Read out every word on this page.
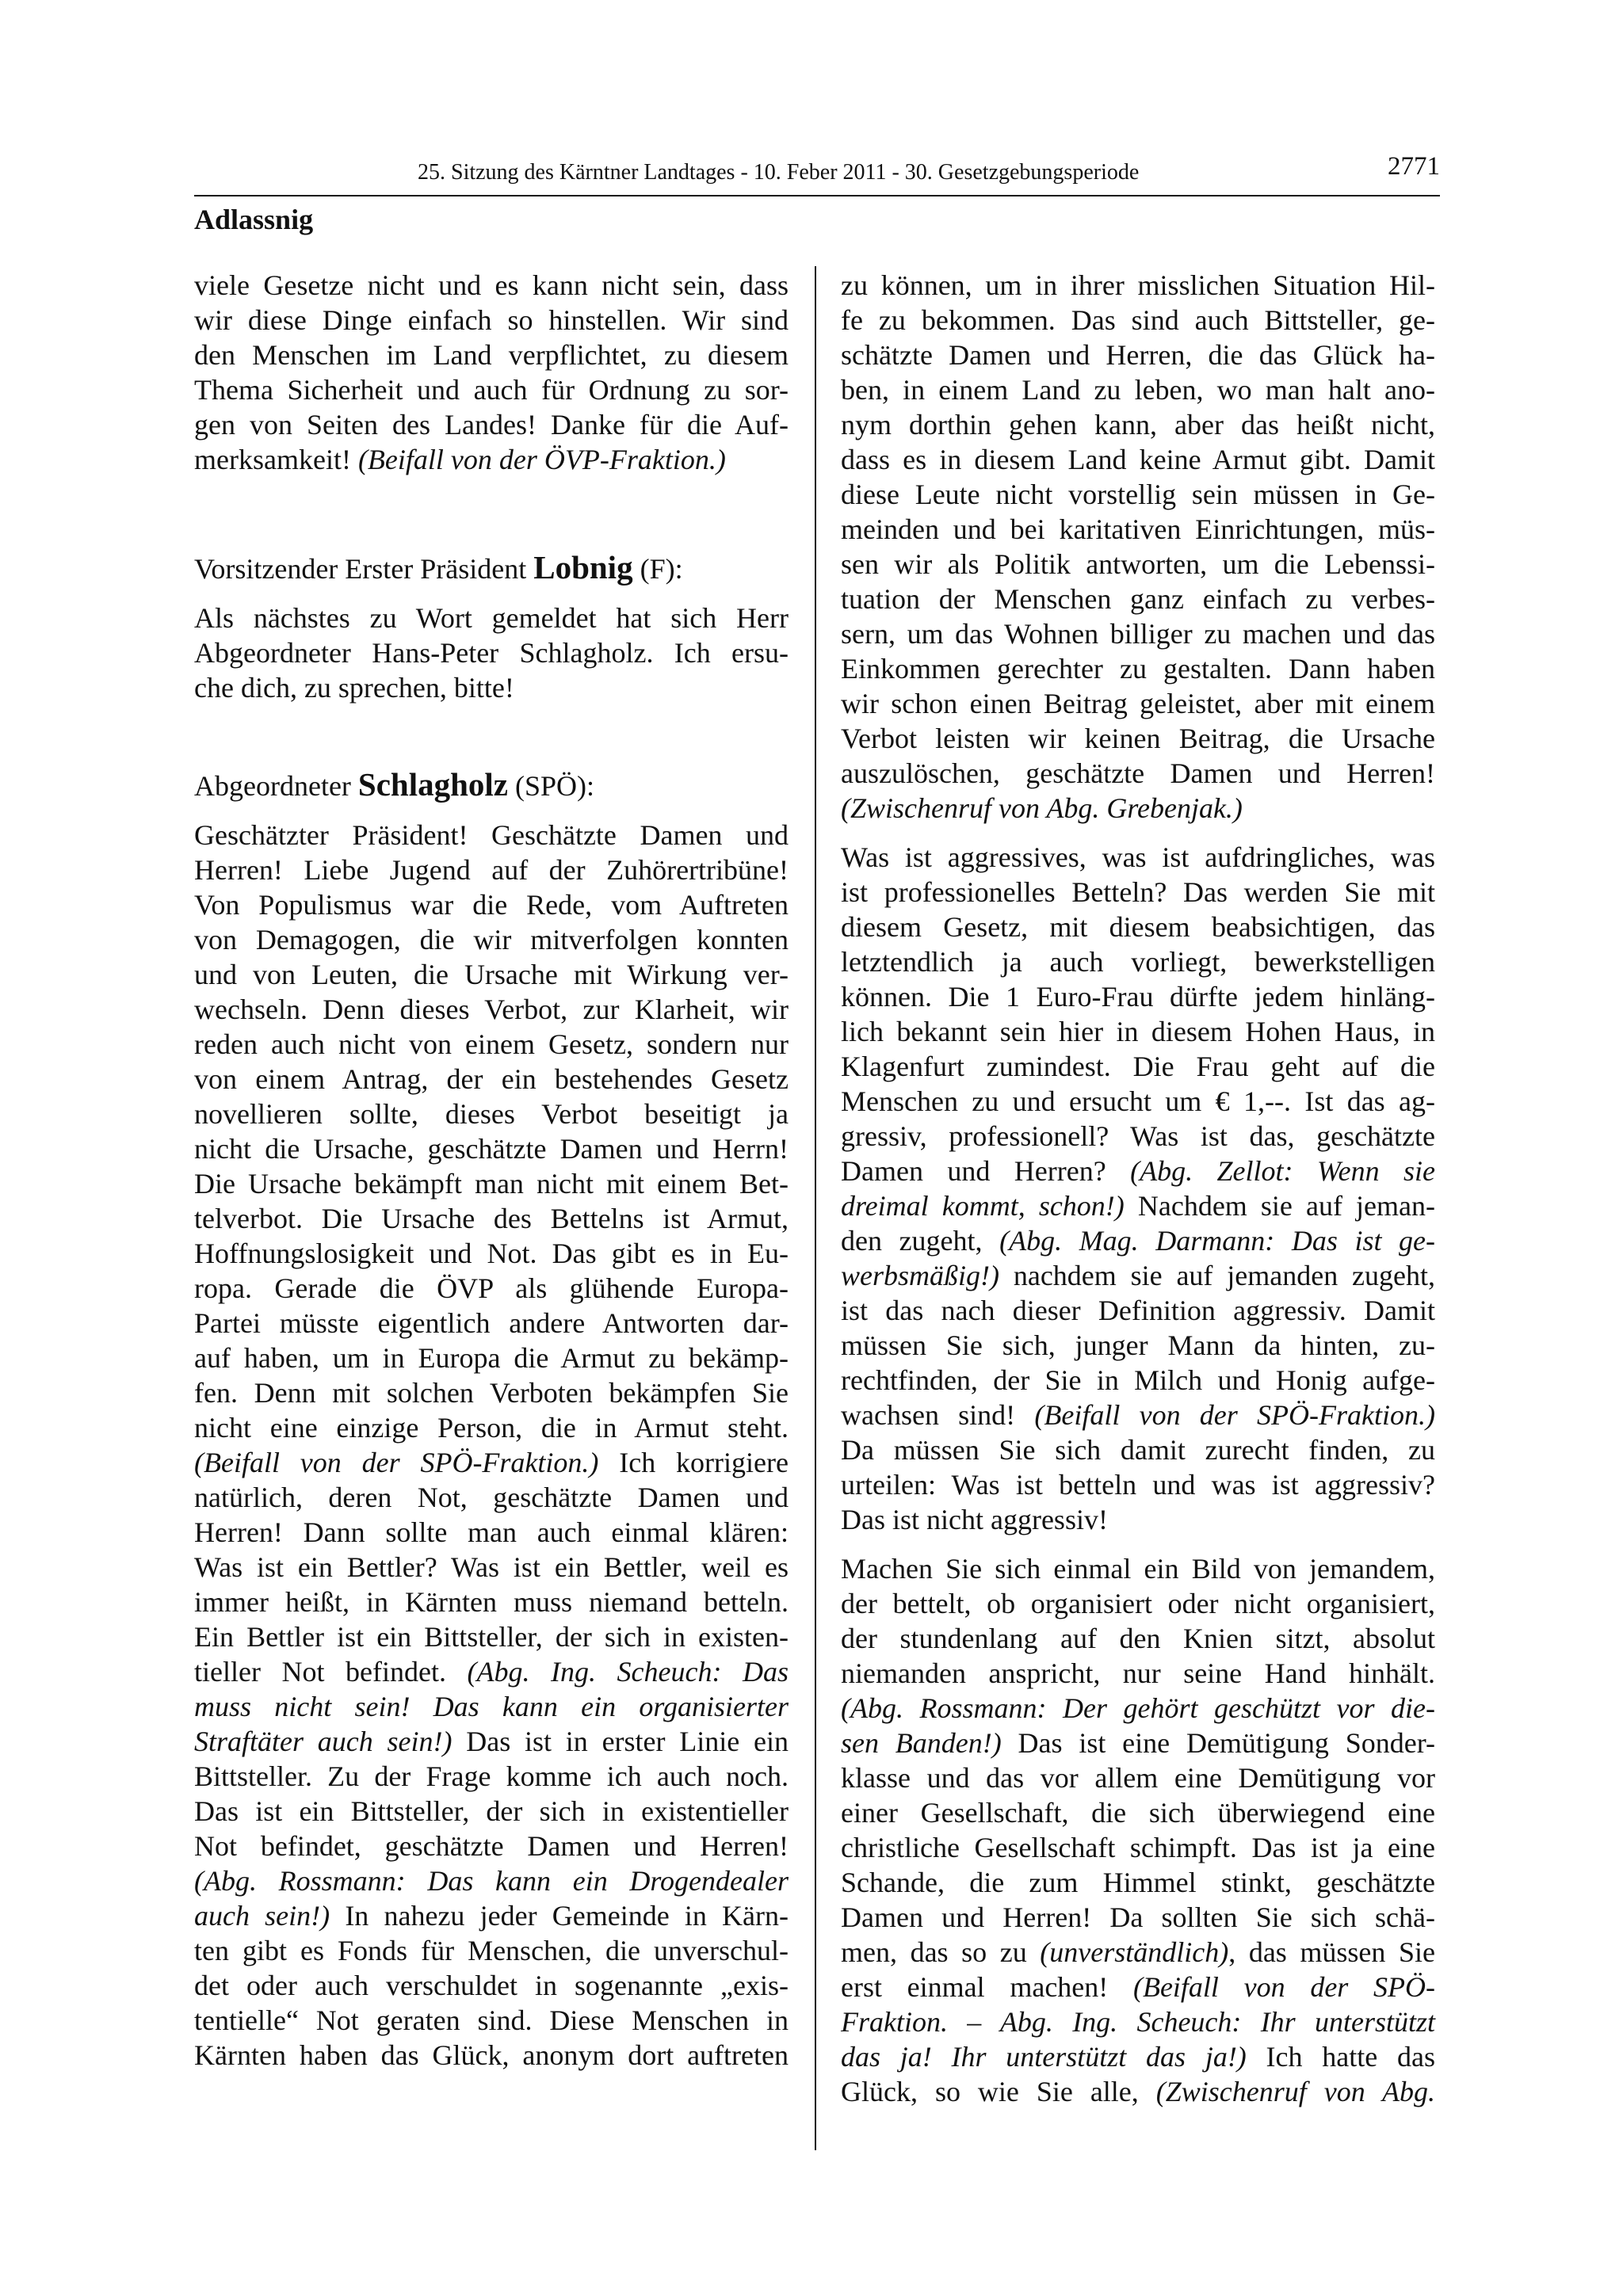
25. Sitzung des Kärntner Landtages - 10. Feber 2011 - 30. Gesetzgebungsperiode	2771
Adlassnig

viele Gesetze nicht und es kann nicht sein, dass
wir diese Dinge einfach so hinstellen. Wir sind
den Menschen im Land verpflichtet, zu diesem
Thema Sicherheit und auch für Ordnung zu sor-
gen von Seiten des Landes! Danke für die Auf-
merksamkeit! (Beifall von der ÖVP-Fraktion.)

Vorsitzender Erster Präsident Lobnig (F):

Als nächstes zu Wort gemeldet hat sich Herr
Abgeordneter Hans-Peter Schlagholz. Ich ersu-
che dich, zu sprechen, bitte!

Abgeordneter Schlagholz (SPÖ):

Geschätzter Präsident! Geschätzte Damen und
Herren! Liebe Jugend auf der Zuhörertribüne!
Von Populismus war die Rede, vom Auftreten
von Demagogen, die wir mitverfolgen konnten
und von Leuten, die Ursache mit Wirkung ver-
wechseln. Denn dieses Verbot, zur Klarheit, wir
reden auch nicht von einem Gesetz, sondern nur
von einem Antrag, der ein bestehendes Gesetz
novellieren sollte, dieses Verbot beseitigt ja
nicht die Ursache, geschätzte Damen und Herrn!
Die Ursache bekämpft man nicht mit einem Bet-
telverbot. Die Ursache des Bettelns ist Armut,
Hoffnungslosigkeit und Not. Das gibt es in Eu-
ropa. Gerade die ÖVP als glühende Europa-
Partei müsste eigentlich andere Antworten dar-
auf haben, um in Europa die Armut zu bekämp-
fen. Denn mit solchen Verboten bekämpfen Sie
nicht eine einzige Person, die in Armut steht.
(Beifall von der SPÖ-Fraktion.) Ich korrigiere
natürlich, deren Not, geschätzte Damen und
Herren! Dann sollte man auch einmal klären:
Was ist ein Bettler? Was ist ein Bettler, weil es
immer heißt, in Kärnten muss niemand betteln.
Ein Bettler ist ein Bittsteller, der sich in existen-
tieller Not befindet. (Abg. Ing. Scheuch: Das
muss nicht sein! Das kann ein organisierter
Straftäter auch sein!) Das ist in erster Linie ein
Bittsteller. Zu der Frage komme ich auch noch.
Das ist ein Bittsteller, der sich in existentieller
Not befindet, geschätzte Damen und Herren!
(Abg. Rossmann: Das kann ein Drogendealer
auch sein!) In nahezu jeder Gemeinde in Kärn-
ten gibt es Fonds für Menschen, die unverschul-
det oder auch verschuldet in sogenannte „exis-
tentielle“ Not geraten sind. Diese Menschen in
Kärnten haben das Glück, anonym dort auftreten

zu können, um in ihrer misslichen Situation Hil-
fe zu bekommen. Das sind auch Bittsteller, ge-
schätzte Damen und Herren, die das Glück ha-
ben, in einem Land zu leben, wo man halt ano-
nym dorthin gehen kann, aber das heißt nicht,
dass es in diesem Land keine Armut gibt. Damit
diese Leute nicht vorstellig sein müssen in Ge-
meinden und bei karitativen Einrichtungen, müs-
sen wir als Politik antworten, um die Lebenssi-
tuation der Menschen ganz einfach zu verbes-
sern, um das Wohnen billiger zu machen und das
Einkommen gerechter zu gestalten. Dann haben
wir schon einen Beitrag geleistet, aber mit einem
Verbot leisten wir keinen Beitrag, die Ursache
auszulöschen, geschätzte Damen und Herren!
(Zwischenruf von Abg. Grebenjak.)

Was ist aggressives, was ist aufdringliches, was
ist professionelles Betteln? Das werden Sie mit
diesem Gesetz, mit diesem beabsichtigen, das
letztendlich ja auch vorliegt, bewerkstelligen
können. Die 1 Euro-Frau dürfte jedem hinläng-
lich bekannt sein hier in diesem Hohen Haus, in
Klagenfurt zumindest. Die Frau geht auf die
Menschen zu und ersucht um € 1,--. Ist das ag-
gressiv, professionell? Was ist das, geschätzte
Damen und Herren? (Abg. Zellot: Wenn sie
dreimal kommt, schon!) Nachdem sie auf jeman-
den zugeht, (Abg. Mag. Darmann: Das ist ge-
werbsmäßig!) nachdem sie auf jemanden zugeht,
ist das nach dieser Definition aggressiv. Damit
müssen Sie sich, junger Mann da hinten, zu-
rechtfinden, der Sie in Milch und Honig aufge-
wachsen sind! (Beifall von der SPÖ-Fraktion.)
Da müssen Sie sich damit zurecht finden, zu
urteilen: Was ist betteln und was ist aggressiv?
Das ist nicht aggressiv!

Machen Sie sich einmal ein Bild von jemandem,
der bettelt, ob organisiert oder nicht organisiert,
der stundenlang auf den Knien sitzt, absolut
niemanden anspricht, nur seine Hand hinhält.
(Abg. Rossmann: Der gehört geschützt vor die-
sen Banden!) Das ist eine Demütigung Sonder-
klasse und das vor allem eine Demütigung vor
einer Gesellschaft, die sich überwiegend eine
christliche Gesellschaft schimpft. Das ist ja eine
Schande, die zum Himmel stinkt, geschätzte
Damen und Herren! Da sollten Sie sich schä-
men, das so zu (unverständlich), das müssen Sie
erst einmal machen! (Beifall von der SPÖ-
Fraktion. – Abg. Ing. Scheuch: Ihr unterstützt
das ja! Ihr unterstützt das ja!) Ich hatte das
Glück, so wie Sie alle, (Zwischenruf von Abg.
